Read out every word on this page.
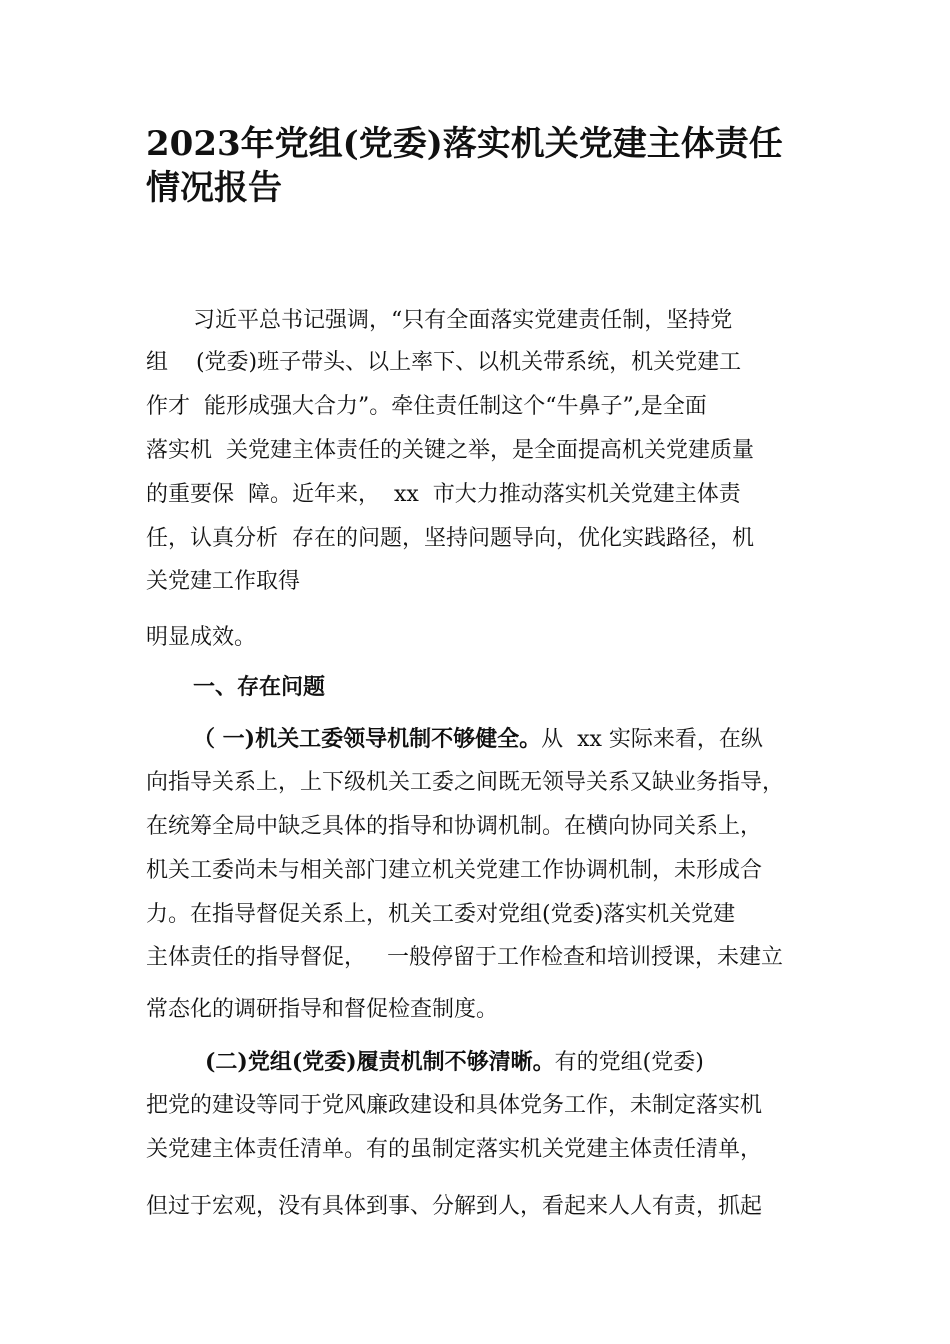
2023年党组(党委)落实机关党建主体责任
情况报告

习近平总书记强调，“只有全面落实党建责任制，坚持党

组    (党委)班子带头、以上率下、以机关带系统，机关党建工

作才  能形成强大合力”。牵住责任制这个“牛鼻子”,是全面

落实机  关党建主体责任的关键之举，是全面提高机关党建质量

的重要保  障。近年来，  xx  市大力推动落实机关党建主体责

任，认真分析  存在的问题，坚持问题导向，优化实践路径，机

关党建工作取得

明显成效。

一、存在问题

（ 一)机关工委领导机制不够健全。从  xx 实际来看，在纵

向指导关系上，上下级机关工委之间既无领导关系又缺业务指导，

在统筹全局中缺乏具体的指导和协调机制。在横向协同关系上，

机关工委尚未与相关部门建立机关党建工作协调机制，未形成合

力。在指导督促关系上，机关工委对党组(党委)落实机关党建

主体责任的指导督促，   一般停留于工作检查和培训授课，未建立

常态化的调研指导和督促检查制度。

(二)党组(党委)履责机制不够清晰。有的党组(党委)

把党的建设等同于党风廉政建设和具体党务工作，未制定落实机

关党建主体责任清单。有的虽制定落实机关党建主体责任清单，

但过于宏观，没有具体到事、分解到人，看起来人人有责，抓起
